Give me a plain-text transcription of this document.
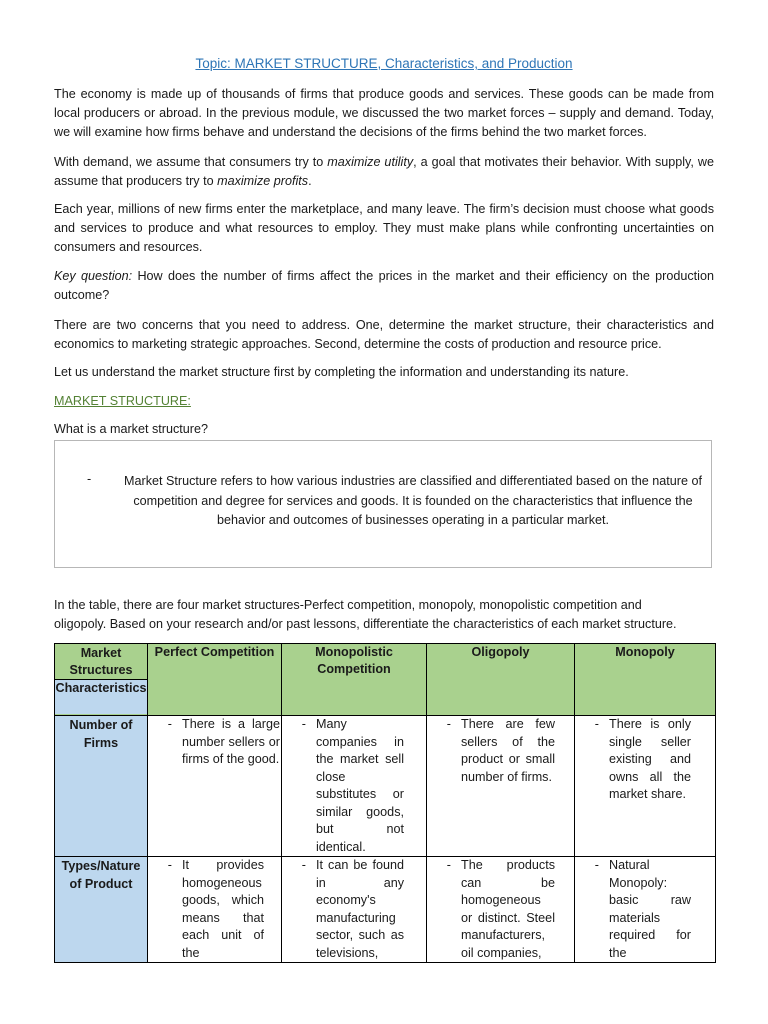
Topic: MARKET STRUCTURE, Characteristics, and Production

The economy is made up of thousands of firms that produce goods and services. These goods can be made from local producers or abroad. In the previous module, we discussed the two market forces – supply and demand. Today, we will examine how firms behave and understand the decisions of the firms behind the two market forces.

With demand, we assume that consumers try to maximize utility, a goal that motivates their behavior. With supply, we assume that producers try to maximize profits.

Each year, millions of new firms enter the marketplace, and many leave. The firm’s decision must choose what goods and services to produce and what resources to employ. They must make plans while confronting uncertainties on consumers and resources.

Key question: How does the number of firms affect the prices in the market and their efficiency on the production outcome?

There are two concerns that you need to address. One, determine the market structure, their characteristics and economics to marketing strategic approaches. Second, determine the costs of production and resource price.

Let us understand the market structure first by completing the information and understanding its nature.

MARKET STRUCTURE:
What is a market structure?
-	Market Structure refers to how various industries are classified and differentiated based on the nature of competition and degree for services and goods. It is founded on the characteristics that influence the behavior and outcomes of businesses operating in a particular market.

In the table, there are four market structures-Perfect competition, monopoly, monopolistic competition and oligopoly. Based on your research and/or past lessons, differentiate the characteristics of each market structure.

Market Structures
Characteristics	Perfect Competition	Monopolistic Competition	Oligopoly	Monopoly
Number of Firms	- There is a large number sellers or firms of the good.	- Many companies in the market sell close substitutes or similar goods, but not identical.	- There are few sellers of the product or small number of firms.	- There is only single seller existing and owns all the market share.

Types/Nature of Product	- It provides homogeneous goods, which means that each unit of the	- It can be found in any economy's manufacturing sector, such as televisions,	- The products can be homogeneous or distinct. Steel manufacturers, oil companies,	- Natural Monopoly: basic raw materials required for the
